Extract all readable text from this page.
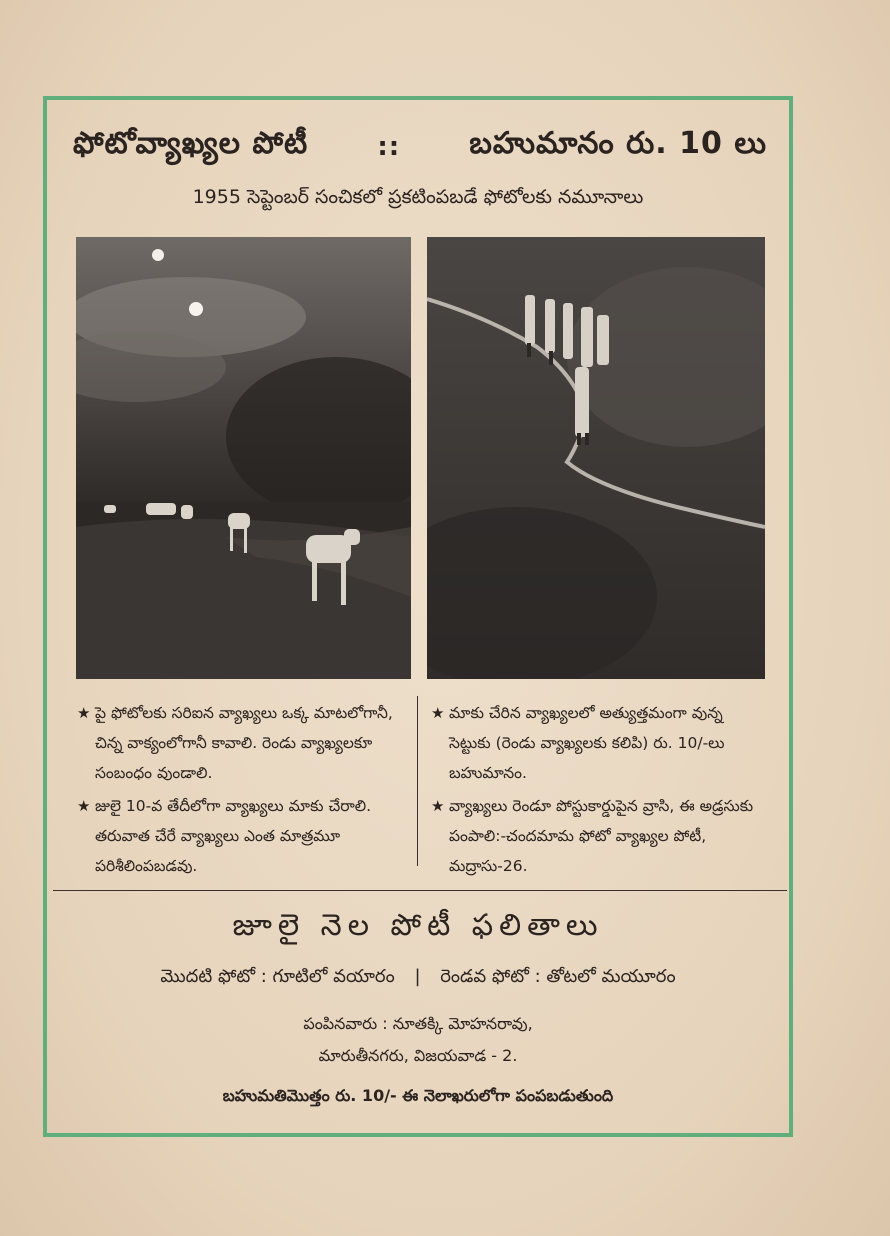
ఫోటోవ్యాఖ్యల పోటీ	:: బహుమానం రు. 10 లు
1955 సెప్టెంబర్ సంచికలో ప్రకటింపబడే ఫోటోలకు నమూనాలు
★ పై ఫోటోలకు సరిఐన వ్యాఖ్యలు ఒక్క మాటలోగానీ, చిన్న వాక్యంలోగానీ కావాలి. రెండు వ్యాఖ్యలకూ సంబంధం వుండాలి.
★ జులై 10-వ తేదీలోగా వ్యాఖ్యలు మాకు చేరాలి. తరువాత చేరే వ్యాఖ్యలు ఎంత మాత్రమూ పరిశీలింపబడవు.
★ మాకు చేరిన వ్యాఖ్యలలో అత్యుత్తమంగా వున్న సెట్టుకు (రెండు వ్యాఖ్యలకు కలిపి) రు. 10/-లు బహుమానం.
★ వ్యాఖ్యలు రెండూ పోస్టుకార్డుపైన వ్రాసి, ఈ అడ్రసుకు పంపాలి:-చందమామ ఫోటో వ్యాఖ్యల పోటీ, మద్రాసు-26.
జూలై నెల పోటీ ఫలితాలు
మొదటి ఫోటో : గూటిలో వయారం | రెండవ ఫోటో : తోటలో మయూరం
పంపినవారు : నూతక్కి మోహనరావు,
మారుతీనగరు, విజయవాడ - 2.
బహుమతిమొత్తం రు. 10/- ఈ నెలాఖరులోగా పంపబడుతుంది
